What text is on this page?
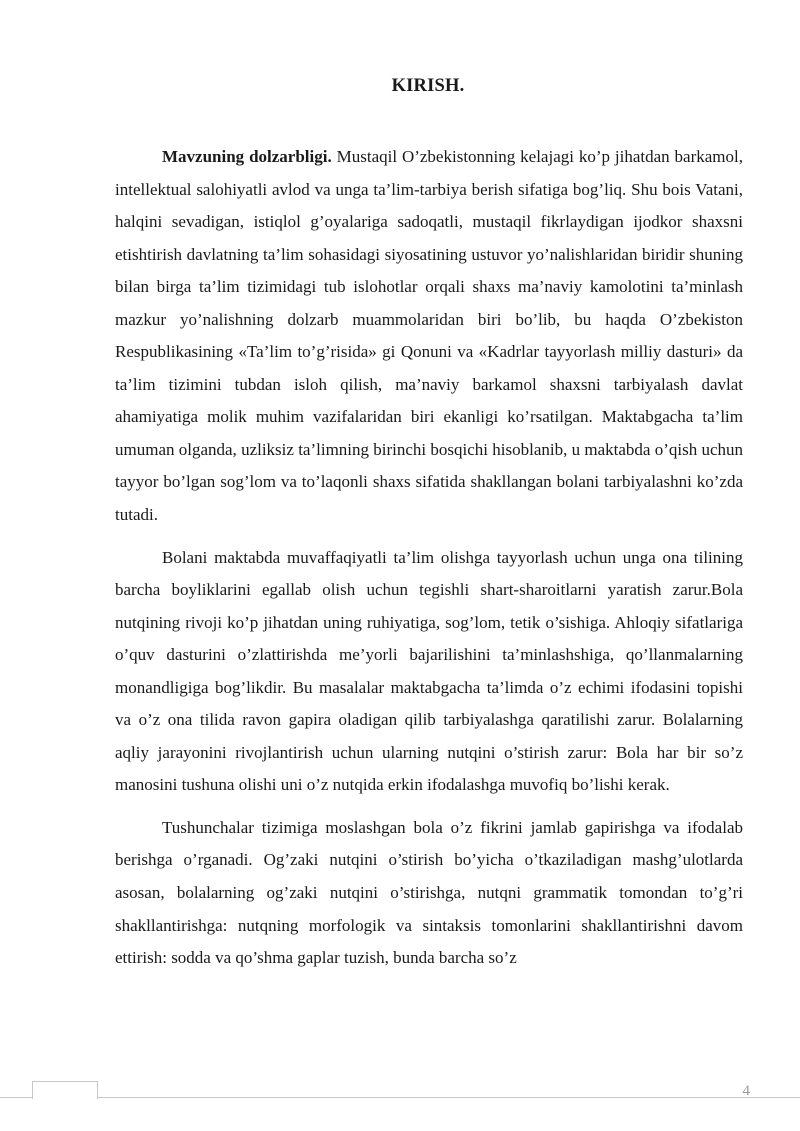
KIRISH.

Mavzuning dolzarbligi. Mustaqil O’zbekistonning kelajagi ko’p jihatdan barkamol, intellektual salohiyatli avlod va unga ta’lim-tarbiya berish sifatiga bog’liq. Shu bois Vatani, halqini sevadigan, istiqlol g’oyalariga sadoqatli, mustaqil fikrlaydigan ijodkor shaxsni etishtirish davlatning ta’lim sohasidagi siyosatining ustuvor yo’nalishlaridan biridir shuning bilan birga ta’lim tizimidagi tub islohotlar orqali shaxs ma’naviy kamolotini ta’minlash mazkur yo’nalishning dolzarb muammolaridan biri bo’lib, bu haqda O’zbekiston Respublikasining «Ta’lim to’g’risida» gi Qonuni va «Kadrlar tayyorlash milliy dasturi» da ta’lim tizimini tubdan isloh qilish, ma’naviy barkamol shaxsni tarbiyalash davlat ahamiyatiga molik muhim vazifalaridan biri ekanligi ko’rsatilgan. Maktabgacha ta’lim umuman olganda, uzliksiz ta’limning birinchi bosqichi hisoblanib, u maktabda o’qish uchun tayyor bo’lgan sog’lom va to’laqonli shaxs sifatida shakllangan bolani tarbiyalashni ko’zda tutadi.

Bolani maktabda muvaffaqiyatli ta’lim olishga tayyorlash uchun unga ona tilining barcha boyliklarini egallab olish uchun tegishli shart-sharoitlarni yaratish zarur.Bola nutqining rivoji ko’p jihatdan uning ruhiyatiga, sog’lom, tetik o’sishiga. Ahloqiy sifatlariga o’quv dasturini o’zlattirishda me’yorli bajarilishini ta’minlashshiga, qo’llanmalarning monandligiga bog’likdir. Bu masalalar maktabgacha ta’limda o’z echimi ifodasini topishi va o’z ona tilida ravon gapira oladigan qilib tarbiyalashga qaratilishi zarur. Bolalarning aqliy jarayonini rivojlantirish uchun ularning nutqini o’stirish zarur: Bola har bir so’z manosini tushuna olishi uni o’z nutqida erkin ifodalashga muvofiq bo’lishi kerak.

Tushunchalar tizimiga moslashgan bola o’z fikrini jamlab gapirishga va ifodalab berishga o’rganadi. Og’zaki nutqini o’stirish bo’yicha o’tkaziladigan mashg’ulotlarda asosan, bolalarning og’zaki nutqini o’stirishga, nutqni grammatik tomondan to’g’ri shakllantirishga: nutqning morfologik va sintaksis tomonlarini shakllantirishni davom ettirish: sodda va qo’shma gaplar tuzish, bunda barcha so’z

4
